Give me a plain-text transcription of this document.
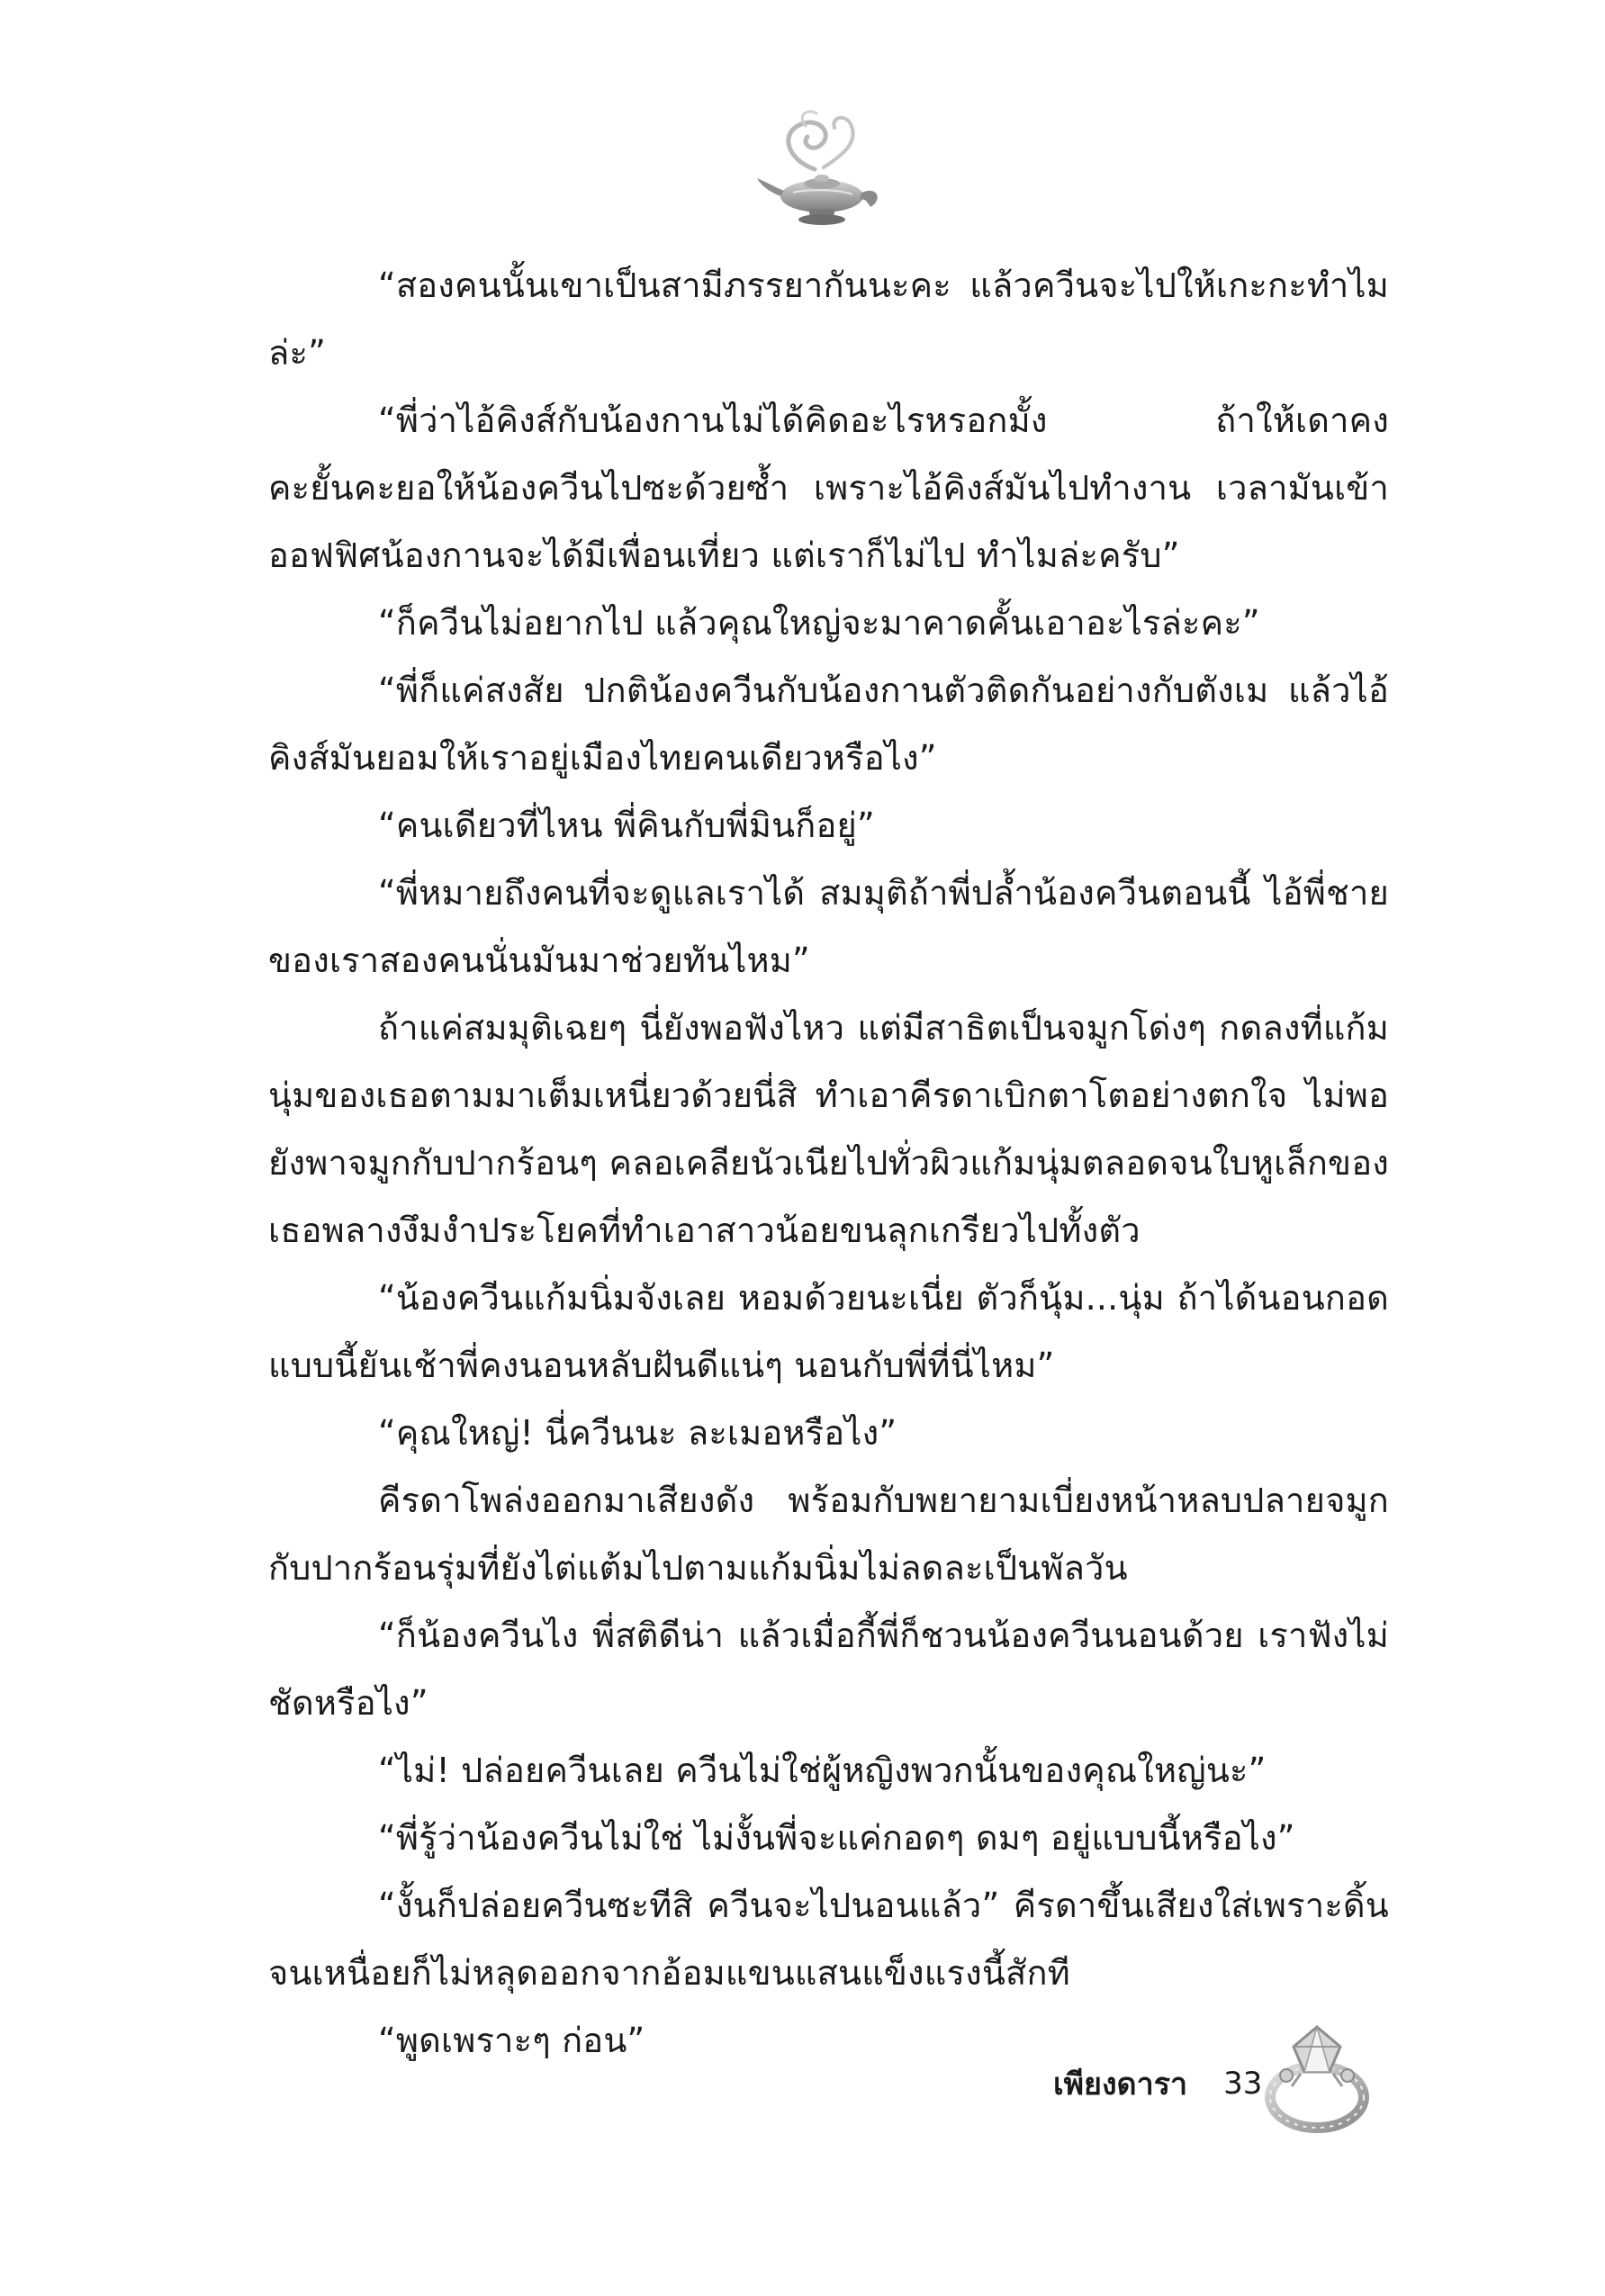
“สองคนนั้นเขาเป็นสามีภรรยากันนะคะ แล้วควีนจะไปให้เกะกะทำไมล่ะ”

“พี่ว่าไอ้คิงส์กับน้องกานไม่ได้คิดอะไรหรอกมั้ง ถ้าให้เดาคงคะยั้นคะยอให้น้องควีนไปซะด้วยซ้ำ เพราะไอ้คิงส์มันไปทำงาน เวลามันเข้าออฟฟิศน้องกานจะได้มีเพื่อนเที่ยว แต่เราก็ไม่ไป ทำไมล่ะครับ”

“ก็ควีนไม่อยากไป แล้วคุณใหญ่จะมาคาดคั้นเอาอะไรล่ะคะ”

“พี่ก็แค่สงสัย ปกติน้องควีนกับน้องกานตัวติดกันอย่างกับตังเม แล้วไอ้คิงส์มันยอมให้เราอยู่เมืองไทยคนเดียวหรือไง”

“คนเดียวที่ไหน พี่คินกับพี่มินก็อยู่”

“พี่หมายถึงคนที่จะดูแลเราได้ สมมุติถ้าพี่ปล้ำน้องควีนตอนนี้ ไอ้พี่ชายของเราสองคนนั่นมันมาช่วยทันไหม”

ถ้าแค่สมมุติเฉยๆ นี่ยังพอฟังไหว แต่มีสาธิตเป็นจมูกโด่งๆ กดลงที่แก้มนุ่มของเธอตามมาเต็มเหนี่ยวด้วยนี่สิ ทำเอาคีรดาเบิกตาโตอย่างตกใจ ไม่พอยังพาจมูกกับปากร้อนๆ คลอเคลียนัวเนียไปทั่วผิวแก้มนุ่มตลอดจนใบหูเล็กของเธอพลางงึมงำประโยคที่ทำเอาสาวน้อยขนลุกเกรียวไปทั้งตัว

“น้องควีนแก้มนิ่มจังเลย หอมด้วยนะเนี่ย ตัวก็นุ้ม...นุ่ม ถ้าได้นอนกอดแบบนี้ยันเช้าพี่คงนอนหลับฝันดีแน่ๆ นอนกับพี่ที่นี่ไหม”

“คุณใหญ่! นี่ควีนนะ ละเมอหรือไง”

คีรดาโพล่งออกมาเสียงดัง พร้อมกับพยายามเบี่ยงหน้าหลบปลายจมูกกับปากร้อนรุ่มที่ยังไต่แต้มไปตามแก้มนิ่มไม่ลดละเป็นพัลวัน

“ก็น้องควีนไง พี่สติดีน่า แล้วเมื่อกี้พี่ก็ชวนน้องควีนนอนด้วย เราฟังไม่ชัดหรือไง”

“ไม่! ปล่อยควีนเลย ควีนไม่ใช่ผู้หญิงพวกนั้นของคุณใหญ่นะ”

“พี่รู้ว่าน้องควีนไม่ใช่ ไม่งั้นพี่จะแค่กอดๆ ดมๆ อยู่แบบนี้หรือไง”

“งั้นก็ปล่อยควีนซะทีสิ ควีนจะไปนอนแล้ว” คีรดาขึ้นเสียงใส่เพราะดิ้นจนเหนื่อยก็ไม่หลุดออกจากอ้อมแขนแสนแข็งแรงนี้สักที

“พูดเพราะๆ ก่อน”

เพียงดารา 33
